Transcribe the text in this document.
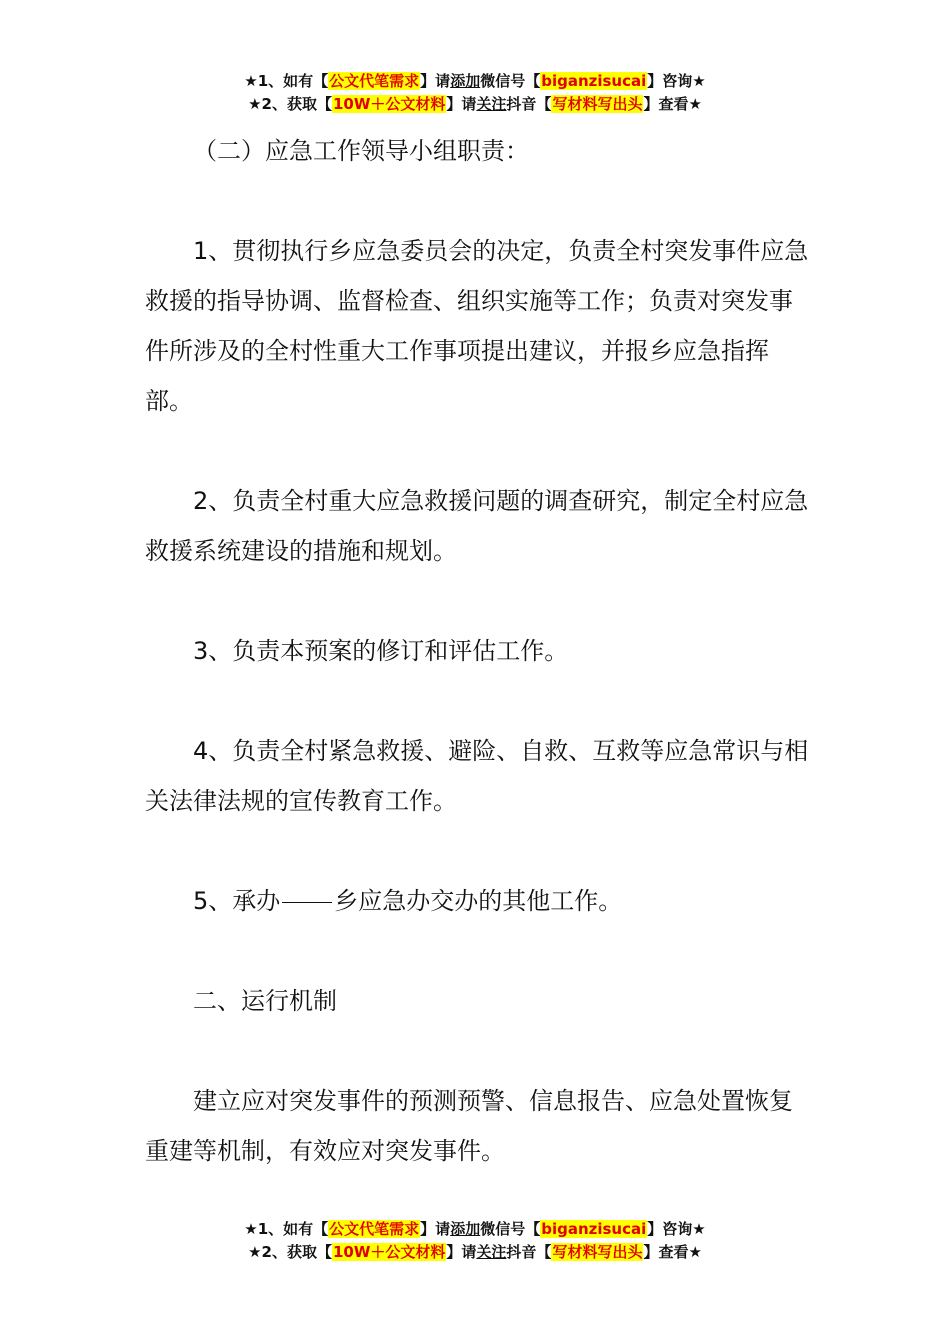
★1、如有【公文代笔需求】请添加微信号【biganzisucai】咨询★
★2、获取【10W＋公文材料】请关注抖音【写材料写出头】查看★

（二）应急工作领导小组职责：

1、贯彻执行乡应急委员会的决定，负责全村突发事件应急救援的指导协调、监督检查、组织实施等工作；负责对突发事件所涉及的全村性重大工作事项提出建议，并报乡应急指挥部。

2、负责全村重大应急救援问题的调查研究，制定全村应急救援系统建设的措施和规划。

3、负责本预案的修订和评估工作。

4、负责全村紧急救援、避险、自救、互救等应急常识与相关法律法规的宣传教育工作。

5、承办 乡应急办交办的其他工作。

二、运行机制

建立应对突发事件的预测预警、信息报告、应急处置恢复重建等机制，有效应对突发事件。

★1、如有【公文代笔需求】请添加微信号【biganzisucai】咨询★
★2、获取【10W＋公文材料】请关注抖音【写材料写出头】查看★
